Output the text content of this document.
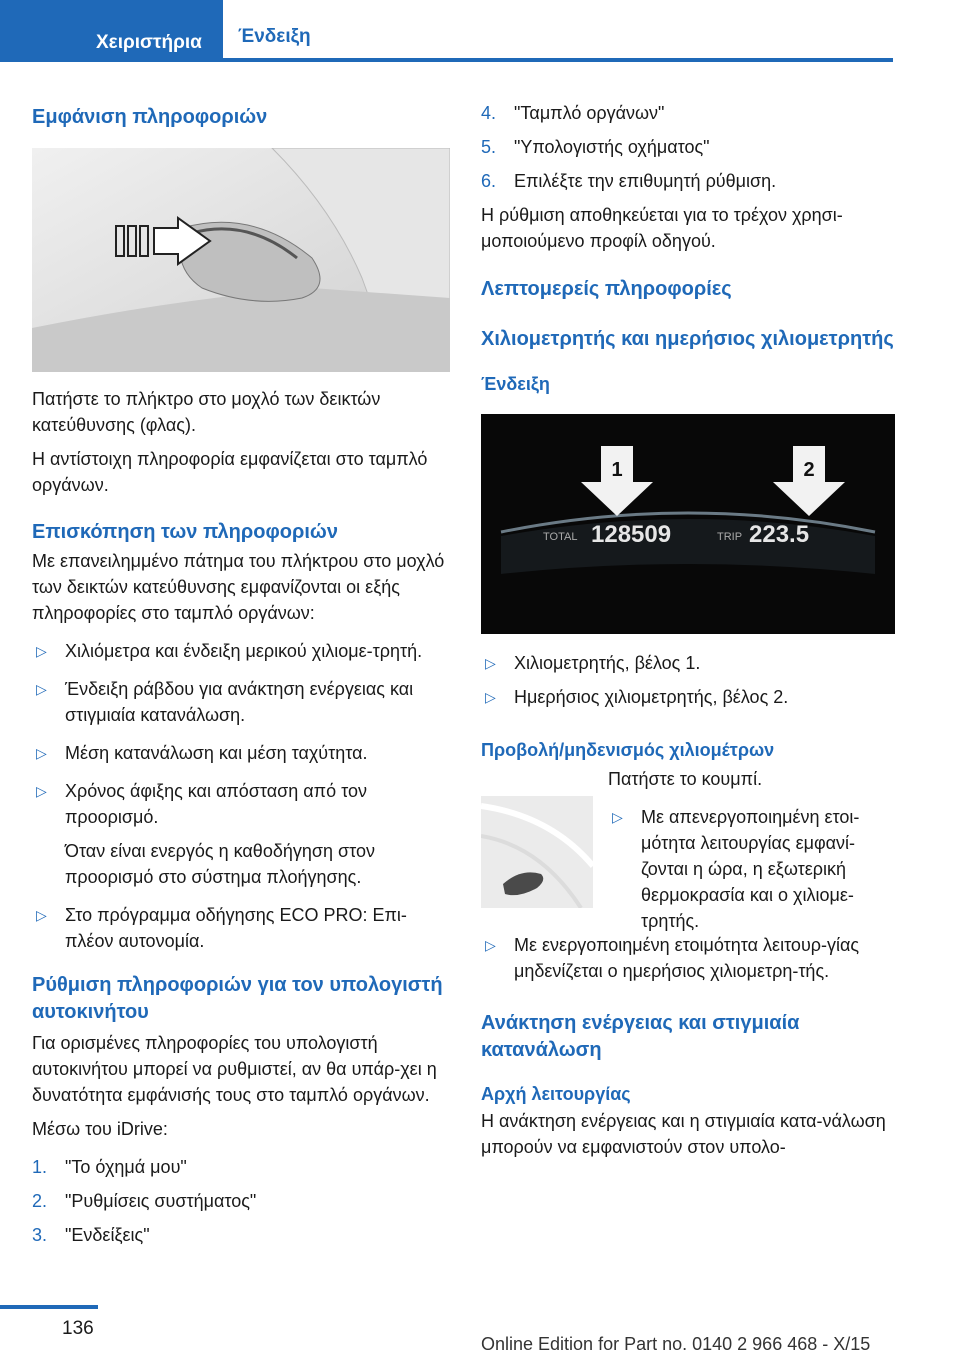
Χειριστήρια	Ένδειξη
Εμφάνιση πληροφοριών

Πατήστε το πλήκτρο στο μοχλό των δεικτών κατεύθυνσης (φλας).

Η αντίστοιχη πληροφορία εμφανίζεται στο ταμπλό οργάνων.

Επισκόπηση των πληροφοριών

Με επανειλημμένο πάτημα του πλήκτρου στο μοχλό των δεικτών κατεύθυνσης εμφανίζονται οι εξής πληροφορίες στο ταμπλό οργάνων:

▷ Χιλιόμετρα και ένδειξη μερικού χιλιομε-τρητή.
▷ Ένδειξη ράβδου για ανάκτηση ενέργειας και στιγμιαία κατανάλωση.
▷ Μέση κατανάλωση και μέση ταχύτητα.
▷ Χρόνος άφιξης και απόσταση από τον προορισμό.
Όταν είναι ενεργός η καθοδήγηση στον προορισμό στο σύστημα πλοήγησης.
▷ Στο πρόγραμμα οδήγησης ECO PRO: Επι-πλέον αυτονομία.
Ρύθμιση πληροφοριών για τον υπολογιστή αυτοκινήτου

Για ορισμένες πληροφορίες του υπολογιστή αυτοκινήτου μπορεί να ρυθμιστεί, αν θα υπάρ-χει η δυνατότητα εμφάνισής τους στο ταμπλό οργάνων.

Μέσω του iDrive:

1. "Το όχημά μου"
2. "Ρυθμίσεις συστήματος"
3. "Ενδείξεις"
4. "Ταμπλό οργάνων"
5. "Υπολογιστής οχήματος"
6. Επιλέξτε την επιθυμητή ρύθμιση.

Η ρύθμιση αποθηκεύεται για το τρέχον χρησι-μοποιούμενο προφίλ οδηγού.

Λεπτομερείς πληροφορίες
Χιλιομετρητής και ημερήσιος χιλιομετρητής
Ένδειξη
1	2
TOTAL 128509	TRIP 223.5
▷ Χιλιομετρητής, βέλος 1.
▷ Ημερήσιος χιλιομετρητής, βέλος 2.
Προβολή/μηδενισμός χιλιομέτρων

Πατήστε το κουμπί.

▷ Με απενεργοποιημένη ετοι-μότητα λειτουργίας εμφανί-ζονται η ώρα, η εξωτερική θερμοκρασία και ο χιλιομε-τρητής.
▷ Με ενεργοποιημένη ετοιμότητα λειτουρ-γίας μηδενίζεται ο ημερήσιος χιλιομετρη-τής.
Ανάκτηση ενέργειας και στιγμιαία κατανάλωση
Αρχή λειτουργίας

Η ανάκτηση ενέργειας και η στιγμιαία κατα-νάλωση μπορούν να εμφανιστούν στον υπολο-

136
Online Edition for Part no. 0140 2 966 468 - X/15
